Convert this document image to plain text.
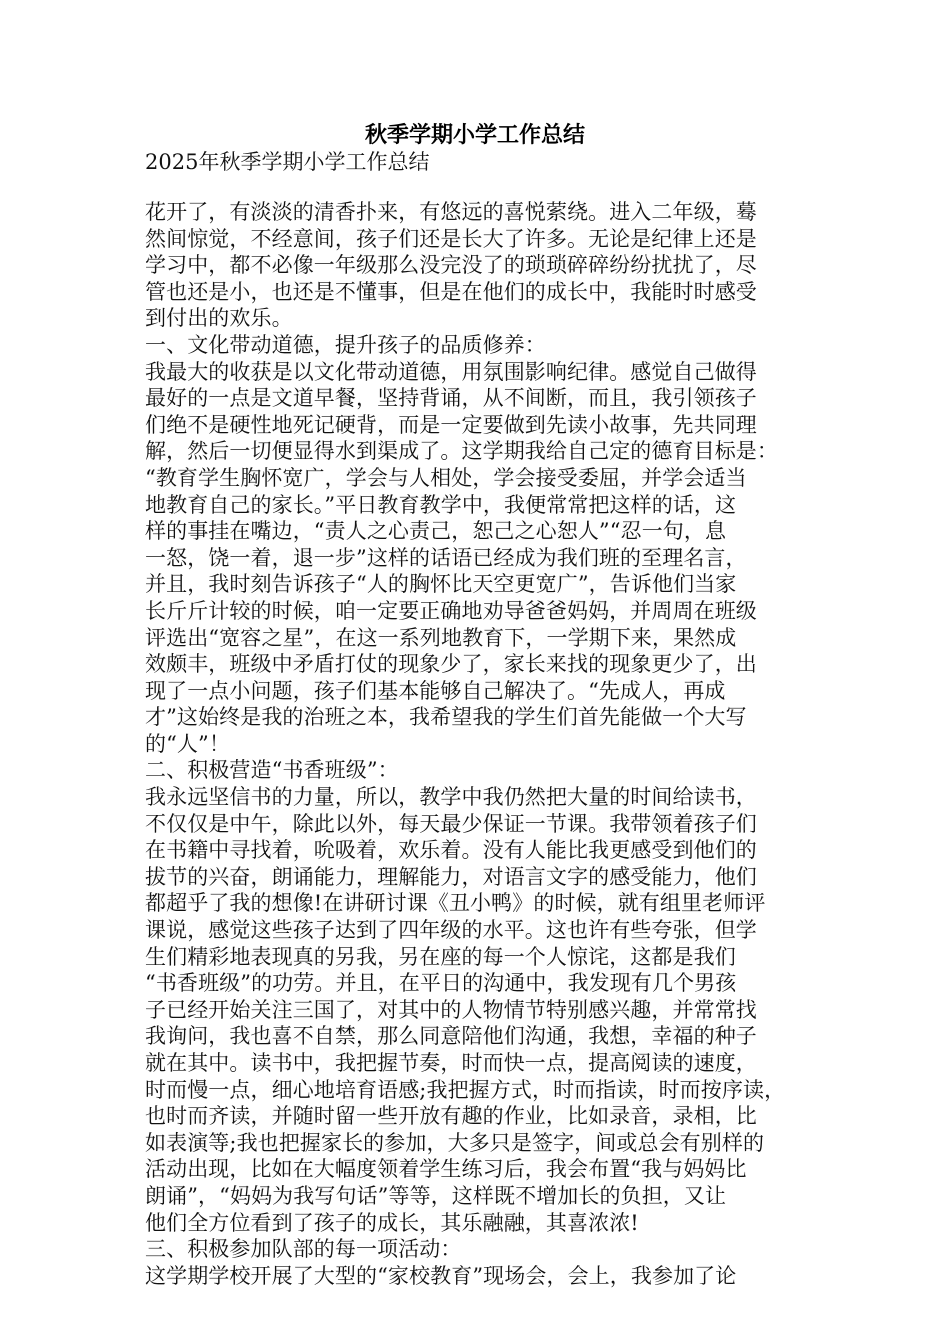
秋季学期小学工作总结
2025年秋季学期小学工作总结
花开了，有淡淡的清香扑来，有悠远的喜悦萦绕。进入二年级，蓦
然间惊觉，不经意间，孩子们还是长大了许多。无论是纪律上还是
学习中，都不必像一年级那么没完没了的琐琐碎碎纷纷扰扰了，尽
管也还是小，也还是不懂事，但是在他们的成长中，我能时时感受
到付出的欢乐。
一、文化带动道德，提升孩子的品质修养：
我最大的收获是以文化带动道德，用氛围影响纪律。感觉自己做得
最好的一点是文道早餐，坚持背诵，从不间断，而且，我引领孩子
们绝不是硬性地死记硬背，而是一定要做到先读小故事，先共同理
解，然后一切便显得水到渠成了。这学期我给自己定的德育目标是：
“教育学生胸怀宽广，学会与人相处，学会接受委屈，并学会适当
地教育自己的家长。”平日教育教学中，我便常常把这样的话，这
样的事挂在嘴边，“责人之心责己，恕己之心恕人”“忍一句，息
一怒，饶一着，退一步”这样的话语已经成为我们班的至理名言，
并且，我时刻告诉孩子“人的胸怀比天空更宽广”，告诉他们当家
长斤斤计较的时候，咱一定要正确地劝导爸爸妈妈，并周周在班级
评选出“宽容之星”，在这一系列地教育下，一学期下来，果然成
效颇丰，班级中矛盾打仗的现象少了，家长来找的现象更少了，出
现了一点小问题，孩子们基本能够自己解决了。“先成人，再成
才”这始终是我的治班之本，我希望我的学生们首先能做一个大写
的“人”！
二、积极营造“书香班级”：
我永远坚信书的力量，所以，教学中我仍然把大量的时间给读书，
不仅仅是中午，除此以外，每天最少保证一节课。我带领着孩子们
在书籍中寻找着，吮吸着，欢乐着。没有人能比我更感受到他们的
拔节的兴奋，朗诵能力，理解能力，对语言文字的感受能力，他们
都超乎了我的想像!在讲研讨课《丑小鸭》的时候，就有组里老师评
课说，感觉这些孩子达到了四年级的水平。这也许有些夸张，但学
生们精彩地表现真的另我，另在座的每一个人惊诧，这都是我们
“书香班级”的功劳。并且，在平日的沟通中，我发现有几个男孩
子已经开始关注三国了，对其中的人物情节特别感兴趣，并常常找
我询问，我也喜不自禁，那么同意陪他们沟通，我想，幸福的种子
就在其中。读书中，我把握节奏，时而快一点，提高阅读的速度，
时而慢一点，细心地培育语感;我把握方式，时而指读，时而按序读，
也时而齐读，并随时留一些开放有趣的作业，比如录音，录相，比
如表演等;我也把握家长的参加，大多只是签字，间或总会有别样的
活动出现，比如在大幅度领着学生练习后，我会布置“我与妈妈比
朗诵”，“妈妈为我写句话”等等，这样既不增加长的负担，又让
他们全方位看到了孩子的成长，其乐融融，其喜浓浓!
三、积极参加队部的每一项活动：
这学期学校开展了大型的“家校教育”现场会，会上，我参加了论
